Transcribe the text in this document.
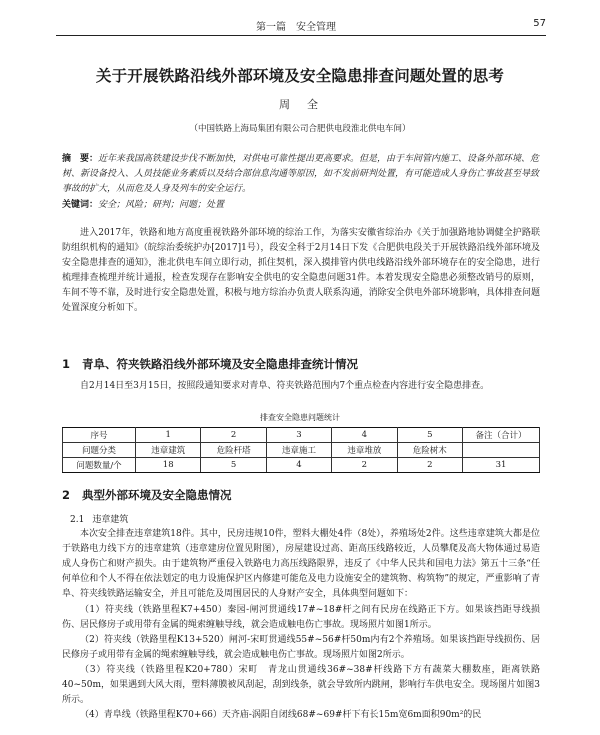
第一篇　安全管理	57
关于开展铁路沿线外部环境及安全隐患排查问题处置的思考
周　全
（中国铁路上海局集团有限公司合肥供电段淮北供电车间）
摘　要：近年来我国高铁建设步伐不断加快，对供电可靠性提出更高要求。但是，由于车间管内施工、设备外部环境、危树、新设备投入、人员技能业务素质以及结合部信息沟通等原因，如不发前研判处置，有可能造成人身伤亡事故甚至导致事故的扩大，从而危及人身及列车的安全运行。
关键词：安全；风险；研判；问题；处置
进入2017年，铁路和地方高度重视铁路外部环境的综治工作，为落实安徽省综治办《关于加强路地协调健全护路联防组织机构的通知》（皖综治委统护办[2017]1号），段安全科于2月14日下发《合肥供电段关于开展铁路沿线外部环境及安全隐患排查的通知》，淮北供电车间立即行动，抓住契机，深入摸排管内供电线路沿线外部环境存在的安全隐患，进行梳理排查梳理并统计通报，检查发现存在影响安全供电的安全隐患问题31件。本着发现安全隐患必须整改销号的原则，车间不等不靠，及时进行安全隐患处置，积极与地方综治办负责人联系沟通，消除安全供电外部环境影响，具体排查问题处置深度分析如下。
1 青阜、符夹铁路沿线外部环境及安全隐患排查统计情况
自2月14日至3月15日，按照段通知要求对青阜、符夹铁路范围内7个重点检查内容进行安全隐患排查。
排查安全隐患问题统计
序号	1	2	3	4	5	备注（合计）
问题分类	违章建筑	危险杆塔	违章施工	违章堆放	危险树木	
问题数量/个	18	5	4	2	2	31
2 典型外部环境及安全隐患情况
2.1 违章建筑
本次安全排查违章建筑18件。其中，民房违规10件，塑料大棚处4件（8处），养殖场处2件。这些违章建筑大都是位于铁路电力线下方的违章建筑（违章建房位置见附图），房屋建设过高、距高压线路较近，人员攀爬及高大物体通过易造成人身伤亡和财产损失。由于建筑物严重侵入铁路电力高压线路限界，违反了《中华人民共和国电力法》第五十三条“任何单位和个人不得在依法划定的电力设施保护区内修建可能危及电力设施安全的建筑物、构筑物”的规定，严重影响了青阜、符夹线铁路运输安全，并且可能危及周围居民的人身财产安全，具体典型问题如下：
（1）符夹线（铁路里程K7+450）秦园-闸河贯通线17#~18#杆之间有民房在线路正下方。如果该挡距导线损伤、居民修房子或用带有金属的绳索缠触导线，就会造成触电伤亡事故。现场照片如图1所示。
（2）符夹线（铁路里程K13+520）闸河-宋町贯通线55#~56#杆50m内有2个养殖场。如果该挡距导线损伤、居民修房子或用带有金属的绳索缠触导线，就会造成触电伤亡事故。现场照片如图2所示。
（3）符夹线（铁路里程K20+780）宋町　青龙山贯通线36#~38#杆线路下方有蔬菜大棚数座，距离铁路40~50m，如果遇到大风大雨，塑料薄膜被风刮起，刮到线条，就会导致所内跳闸，影响行车供电安全。现场图片如图3所示。
（4）青阜线（铁路里程K70+66）天齐庙-涡阳自闭线68#~69#杆下有长15m宽6m面积90m²的民
